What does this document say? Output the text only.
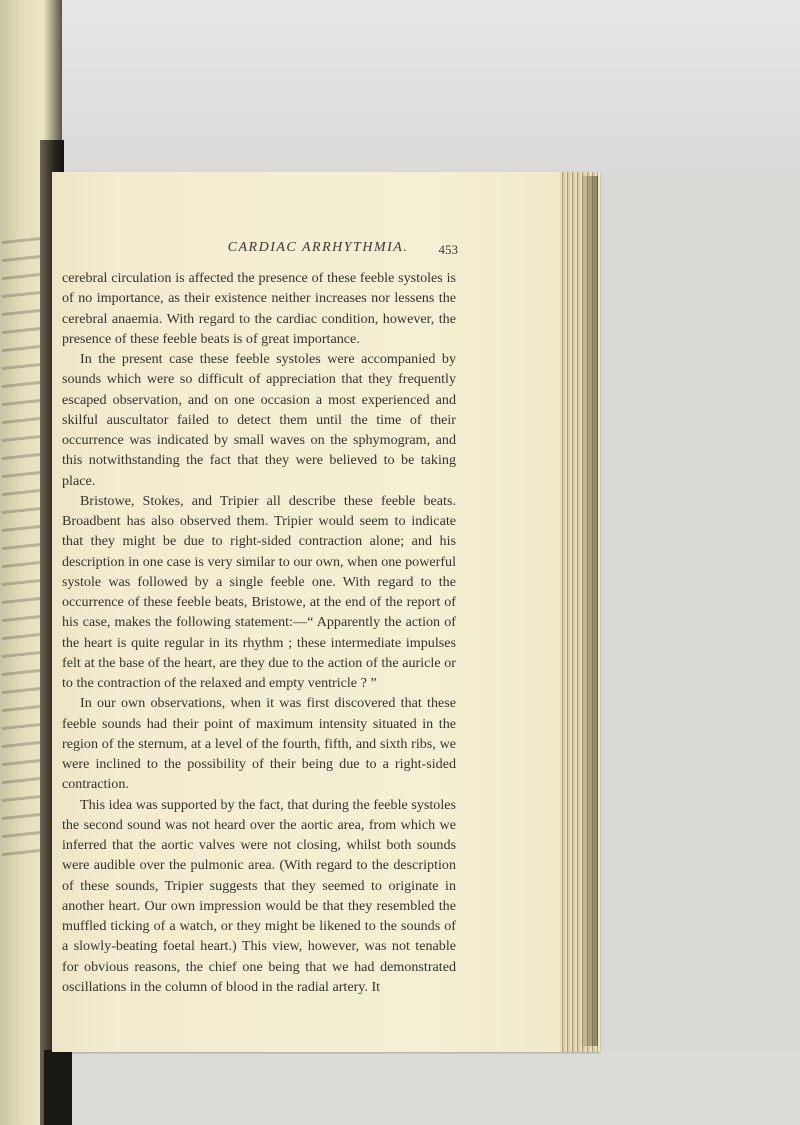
CARDIAC ARRHYTHMIA.	453

cerebral circulation is affected the presence of these feeble systoles is of no importance, as their existence neither increases nor lessens the cerebral anaemia. With regard to the cardiac condition, however, the presence of these feeble beats is of great importance.

In the present case these feeble systoles were accompanied by sounds which were so difficult of appreciation that they frequently escaped observation, and on one occasion a most experienced and skilful auscultator failed to detect them until the time of their occurrence was indicated by small waves on the sphymogram, and this notwithstanding the fact that they were believed to be taking place.

Bristowe, Stokes, and Tripier all describe these feeble beats. Broadbent has also observed them. Tripier would seem to indicate that they might be due to right-sided contraction alone; and his description in one case is very similar to our own, when one powerful systole was followed by a single feeble one. With regard to the occurrence of these feeble beats, Bristowe, at the end of the report of his case, makes the following statement:—“ Apparently the action of the heart is quite regular in its rhythm ; these intermediate impulses felt at the base of the heart, are they due to the action of the auricle or to the contraction of the relaxed and empty ventricle ? ”

In our own observations, when it was first discovered that these feeble sounds had their point of maximum intensity situated in the region of the sternum, at a level of the fourth, fifth, and sixth ribs, we were inclined to the possibility of their being due to a right-sided contraction.

This idea was supported by the fact, that during the feeble systoles the second sound was not heard over the aortic area, from which we inferred that the aortic valves were not closing, whilst both sounds were audible over the pulmonic area. (With regard to the description of these sounds, Tripier suggests that they seemed to originate in another heart. Our own impression would be that they resembled the muffled ticking of a watch, or they might be likened to the sounds of a slowly-beating foetal heart.) This view, however, was not tenable for obvious reasons, the chief one being that we had demonstrated oscillations in the column of blood in the radial artery. It
